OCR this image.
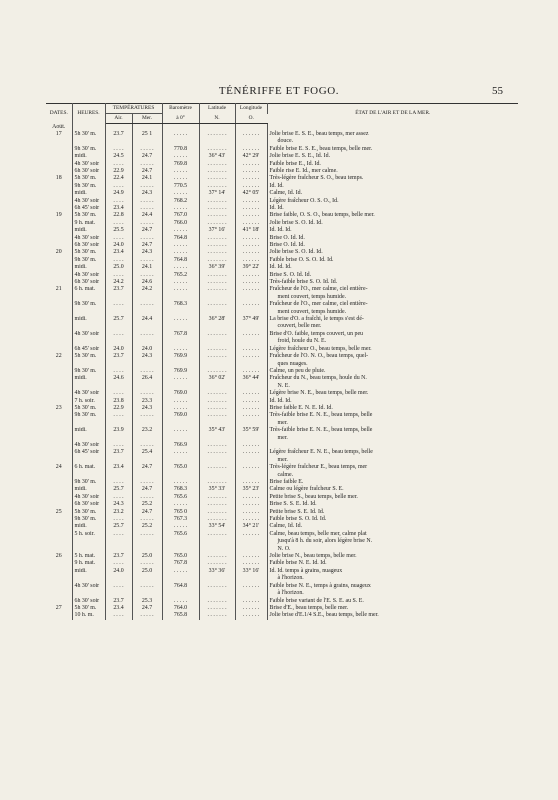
TÉNÉRIFFE ET FOGO.	55
DATES.	HEURES.	TEMPÉRATURES		Baromètre	Latitude	Longitude	ÉTAT DE L'AIR ET DE LA MER.
		Air.	Mer.	à 0°	N.	O.	
Août.							
17	5h 30' m.	23.7	25 1	. . . . .	. . . . . . .	. . . . . .	Jolie brise E. S. E., beau temps, mer assez
douce.

	9h 30' m.	. . . .	. . . . .	770.8	. . . . . . .	. . . . . .	Faible brise E. S. E., beau temps, belle mer.

	midi.	24.5	24.7	. . . . .	36° 43'	42° 29'	Jolie brise E. S. E., Id. Id.

	4h 30' soir	. . . .	. . . . .	769.8	. . . . . . .	. . . . . .	Faible brise E., Id. Id.

	6h 30' soir	22.9	24.7	. . . . .	. . . . . . .	. . . . . .	Faible rise E. Id., mer calme.

18	5h 30' m.	22.4	24.1	. . . . .	. . . . . . .	. . . . . .	Très-légère fraîcheur S. O., beau temps.

	9h 30' m.	. . . .	. . . . .	770.5	. . . . . . .	. . . . . .	Id. Id.

	midi.	24.9	24.3	. . . . .	37° 14'	42° 05'	Calme, Id. Id.

	4h 30' soir	. . . .	. . . . .	768.2	. . . . . . .	. . . . . .	Légère fraîcheur O. S. O., Id.

	6h 45' soir	23.4	. . . . .	. . . . .	. . . . . . .	. . . . . .	Id. Id.

19	5h 30' m.	22.8	24.4	767.0	. . . . . . .	. . . . . .	Brise faible, O. S. O., beau temps, belle mer.

	9 h. mat.	. . . .	. . . . .	766.0	. . . . . . .	. . . . . .	Jolie brise S. O. Id. Id.

	midi.	25.5	24.7	. . . . .	37° 16'	41° 18'	Id. Id. Id.

	4h 30' soir	. . . .	. . . . .	764.8	. . . . . . .	. . . . . .	Brise O. Id. Id.

	6h 30' soir	24.0	24.7	. . . . .	. . . . . . .	. . . . . .	Brise O. Id. Id.

20	5h 30' m.	23.4	24.3	. . . . .	. . . . . . .	. . . . . .	Jolie brise S. O. Id. Id.

	9h 30' m.	. . . .	. . . . .	764.8	. . . . . . .	. . . . . .	Faible brise O. S. O. Id. Id.

	midi.	25.0	24.1	. . . . .	36° 39'	39° 22'	Id. Id. Id.

	4h 30' soir	. . . .	. . . . .	765.2	. . . . . . .	. . . . . .	Brise S. O. Id. Id.

	6h 30' soir	24.2	24.6	. . . . .	. . . . . . .	. . . . . .	Très-faible brise S. O. Id. Id.

21	6 h. mat.	23.7	24.2	. . . . .	. . . . . . .	. . . . . .	Fraîcheur de l'O., mer calme, ciel entière-
ment couvert, temps humide.

	9h 30' m.	. . . .	. . . . .	768.3	. . . . . . .	. . . . . .	Fraîcheur de l'O., mer calme, ciel entière-
ment couvert, temps humide.

	midi.	25.7	24.4	. . . . .	36° 28'	37° 49'	La brise d'O. a fraîchi, le temps s'est dé-
couvert, belle mer.

	4h 30' soir	. . . .	. . . . .	767.8	. . . . . . .	. . . . . .	Brise d'O. faible, temps couvert, un peu
froid, houle du N. E.

	6h 45' soir	24.0	24.0	. . . . .	. . . . . . .	. . . . . .	Légère fraîcheur O., beau temps, belle mer.

22	5h 30' m.	23.7	24.3	769.9	. . . . . . .	. . . . . .	Fraîcheur de l'O. N. O., beau temps, quel-
ques nuages.

	9h 30' m.	. . . .	. . . . .	769.9	. . . . . . .	. . . . . .	Calme, un peu de pluie.

	midi.	24.6	26.4	. . . . .	36° 02'	36° 44'	Fraîcheur du N., beau temps, houle du N.
N. E.

	4h 30' soir	. . . .	. . . . .	769.0	. . . . . . .	. . . . . .	Légère brise N. E., beau temps, belle mer.

	7 h. soir.	23.8	23.3	. . . . .	. . . . . . .	. . . . . .	Id. Id. Id.

23	5h 30' m.	22.9	24.3	. . . . .	. . . . . . .	. . . . . .	Brise faible E. N. E. Id. Id.

	9h 30' m.	. . . .	. . . . .	769.0	. . . . . . .	. . . . . .	Très-faible brise E. N. E., beau temps, belle
mer.

	midi.	23.9	23.2	. . . . .	35° 43'	35° 59'	Très-faible brise E. N. E., beau temps, belle
mer.

	4h 30' soir	. . . .	. . . . .	766.9	. . . . . . .	. . . . . .	

	6h 45' soir	23.7	25.4	. . . . .	. . . . . . .	. . . . . .	Légère fraîcheur E. N. E., beau temps, belle
mer.

24	6 h. mat.	23.4	24.7	765.0	. . . . . . .	. . . . . .	Très-légère fraîcheur E., beau temps, mer
calme.

	9h 30' m.	. . . .	. . . . .	. . . . .	. . . . . . .	. . . . . .	Brise faible E.

	midi.	25.7	24.7	768.3	35° 33'	35° 23'	Calme ou légère fraîcheur S. E.

	4h 30' soir	. . . .	. . . . .	765.6	. . . . . . .	. . . . . .	Petite brise S., beau temps, belle mer.

	6h 30' soir	24.3	25.2	. . . . .	. . . . . . .	. . . . . .	Brise S. S. E. Id. Id.

25	5h 30' m.	23.2	24.7	765 0	. . . . . . .	. . . . . .	Petite brise S. E. Id. Id.

	9h 30' m.	. . . .	. . . . .	767.3	. . . . . . .	. . . . . .	Faible brise S. O. Id. Id.

	midi.	25.7	25.2	. . . . .	33° 54'	34° 21'	Calme, Id. Id.

	5 h. soir.	. . . .	. . . . .	765.6	. . . . . . .	. . . . . .	Calme, beau temps, belle mer, calme plat
jusqu'à 8 h. du soir, alors légère brise N.
N. O.

26	5 h. mat.	23.7	25.0	765.0	. . . . . . .	. . . . . .	Jolie brise N., beau temps, belle mer.

	9 h. mat.	. . . .	. . . . .	767.8	. . . . . . .	. . . . . .	Faible brise N. E. Id. Id.

	midi.	24.0	25.0	. . . . .	33° 36'	33° 16'	Id. Id. temps à grains, nuageux
à l'horizon.

	4h 30' soir	. . . .	. . . . .	764.8	. . . . . . .	. . . . . .	Faible brise N. E., temps à grains, nuageux
à l'horizon.

	6h 30' soir	23.7	25.3	. . . . .	. . . . . . .	. . . . . .	Faible brise variant de l'E. S. E. au S. E.

27	5h 30' m.	23.4	24.7	764.0	. . . . . . .	. . . . . .	Brise d'E., beau temps, belle mer.

	10 h. m.	. . . .	. . . . .	765.8	. . . . . . .	. . . . . .	Jolie brise d'E.1/4 S.E., beau temps, belle mer.
